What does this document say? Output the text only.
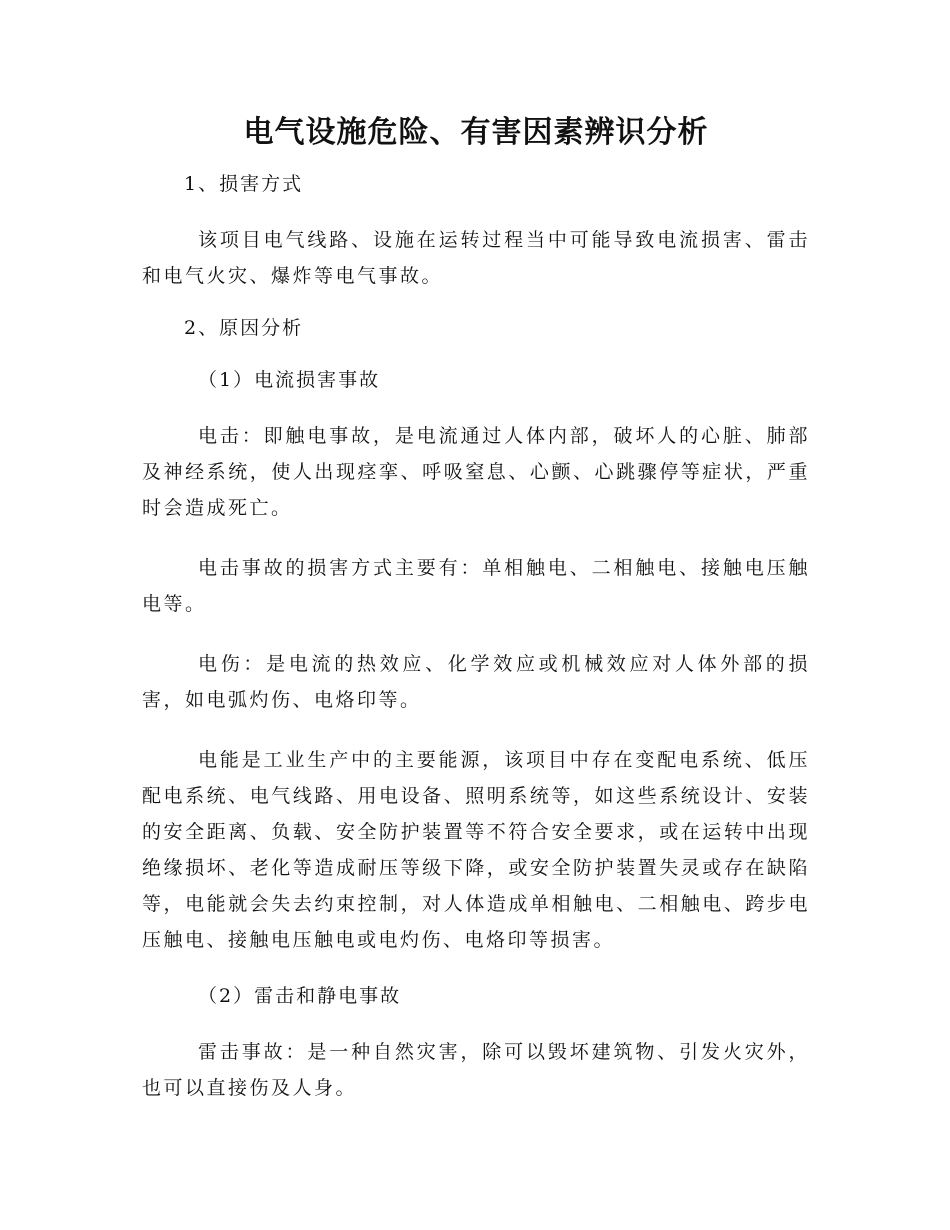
电气设施危险、有害因素辨识分析
1、损害方式

该项目电气线路、设施在运转过程当中可能导致电流损害、雷击和电气火灾、爆炸等电气事故。

2、原因分析
（1）电流损害事故

电击：即触电事故，是电流通过人体内部，破坏人的心脏、肺部及神经系统，使人出现痉挛、呼吸窒息、心颤、心跳骤停等症状，严重时会造成死亡。

电击事故的损害方式主要有：单相触电、二相触电、接触电压触电等。

电伤：是电流的热效应、化学效应或机械效应对人体外部的损害，如电弧灼伤、电烙印等。

电能是工业生产中的主要能源，该项目中存在变配电系统、低压配电系统、电气线路、用电设备、照明系统等，如这些系统设计、安装的安全距离、负载、安全防护装置等不符合安全要求，或在运转中出现绝缘损坏、老化等造成耐压等级下降，或安全防护装置失灵或存在缺陷等，电能就会失去约束控制，对人体造成单相触电、二相触电、跨步电压触电、接触电压触电或电灼伤、电烙印等损害。

（2）雷击和静电事故

雷击事故：是一种自然灾害，除可以毁坏建筑物、引发火灾外，也可以直接伤及人身。
